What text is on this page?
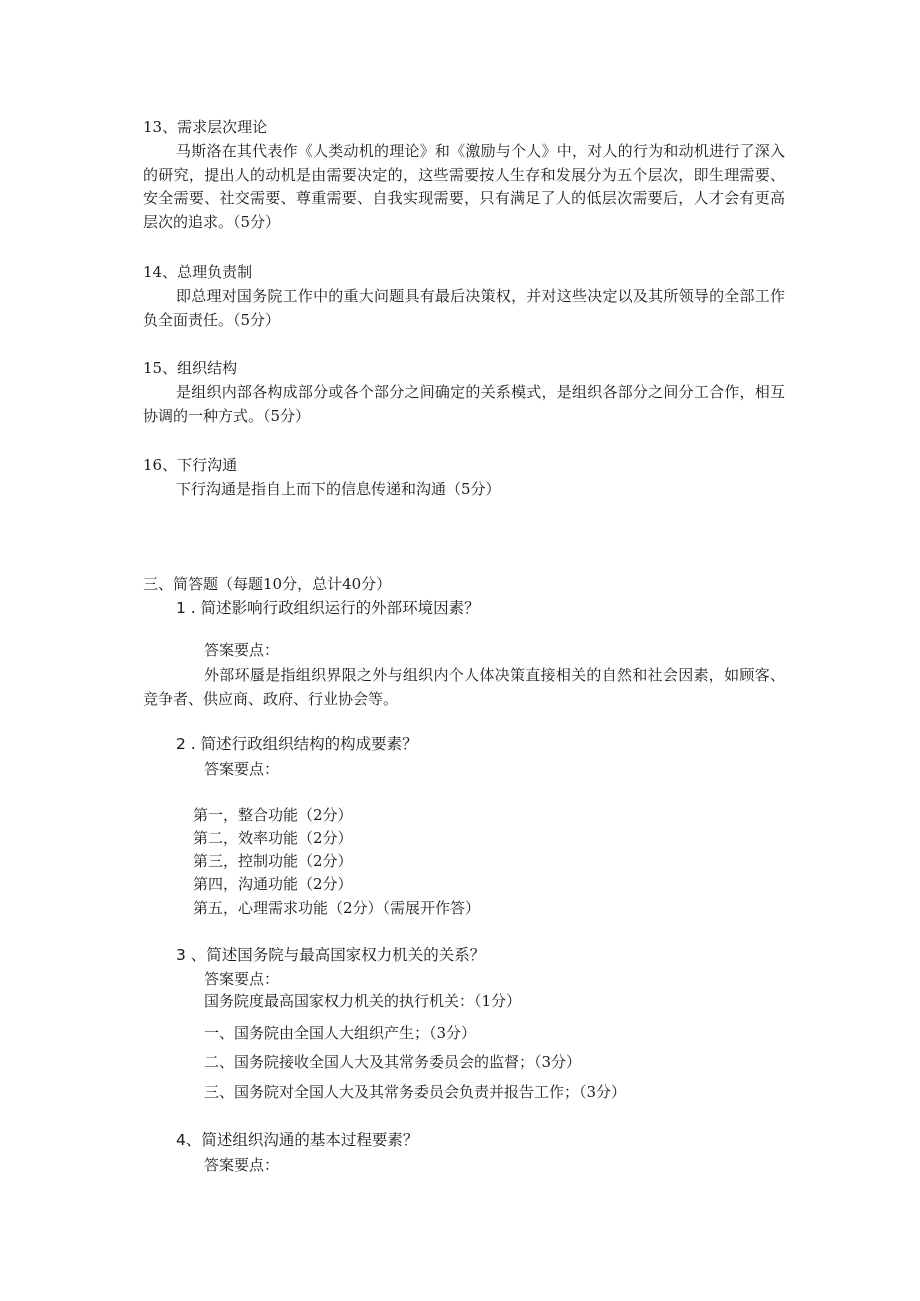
13、需求层次理论
马斯洛在其代表作《人类动机的理论》和《激励与个人》中，对人的行为和动机进行了深入的研究，提出人的动机是由需要决定的，这些需要按人生存和发展分为五个层次，即生理需要、安全需要、社交需要、尊重需要、自我实现需要，只有满足了人的低层次需要后，人才会有更高层次的追求。（5分）
14、总理负责制
即总理对国务院工作中的重大问题具有最后决策权，并对这些决定以及其所领导的全部工作负全面责任。（5分）
15、组织结构
是组织内部各构成部分或各个部分之间确定的关系模式，是组织各部分之间分工合作，相互协调的一种方式。（5分）
16、下行沟通
下行沟通是指自上而下的信息传递和沟通（5分）
三、简答题（每题10分，总计40分）
1 . 简述影响行政组织运行的外部环境因素？
答案要点：
外部环蜃是指组织界限之外与组织内个人体决策直接相关的自然和社会因素，如顾客、竞争者、供应商、政府、行业协会等。
2 . 简述行政组织结构的构成要素？
答案要点：
第一，整合功能（2分）
第二，效率功能（2分）
第三，控制功能（2分）
第四，沟通功能（2分）
第五，心理需求功能（2分）（需展开作答）
3 、简述国务院与最高国家权力机关的关系？
答案要点：
国务院度最高国家权力机关的执行机关：（1分）
一、国务院由全国人大组织产生；（3分）
二、国务院接收全国人大及其常务委员会的监督；（3分）
三、国务院对全国人大及其常务委员会负责并报告工作；（3分）
4、简述组织沟通的基本过程要素？
答案要点：
